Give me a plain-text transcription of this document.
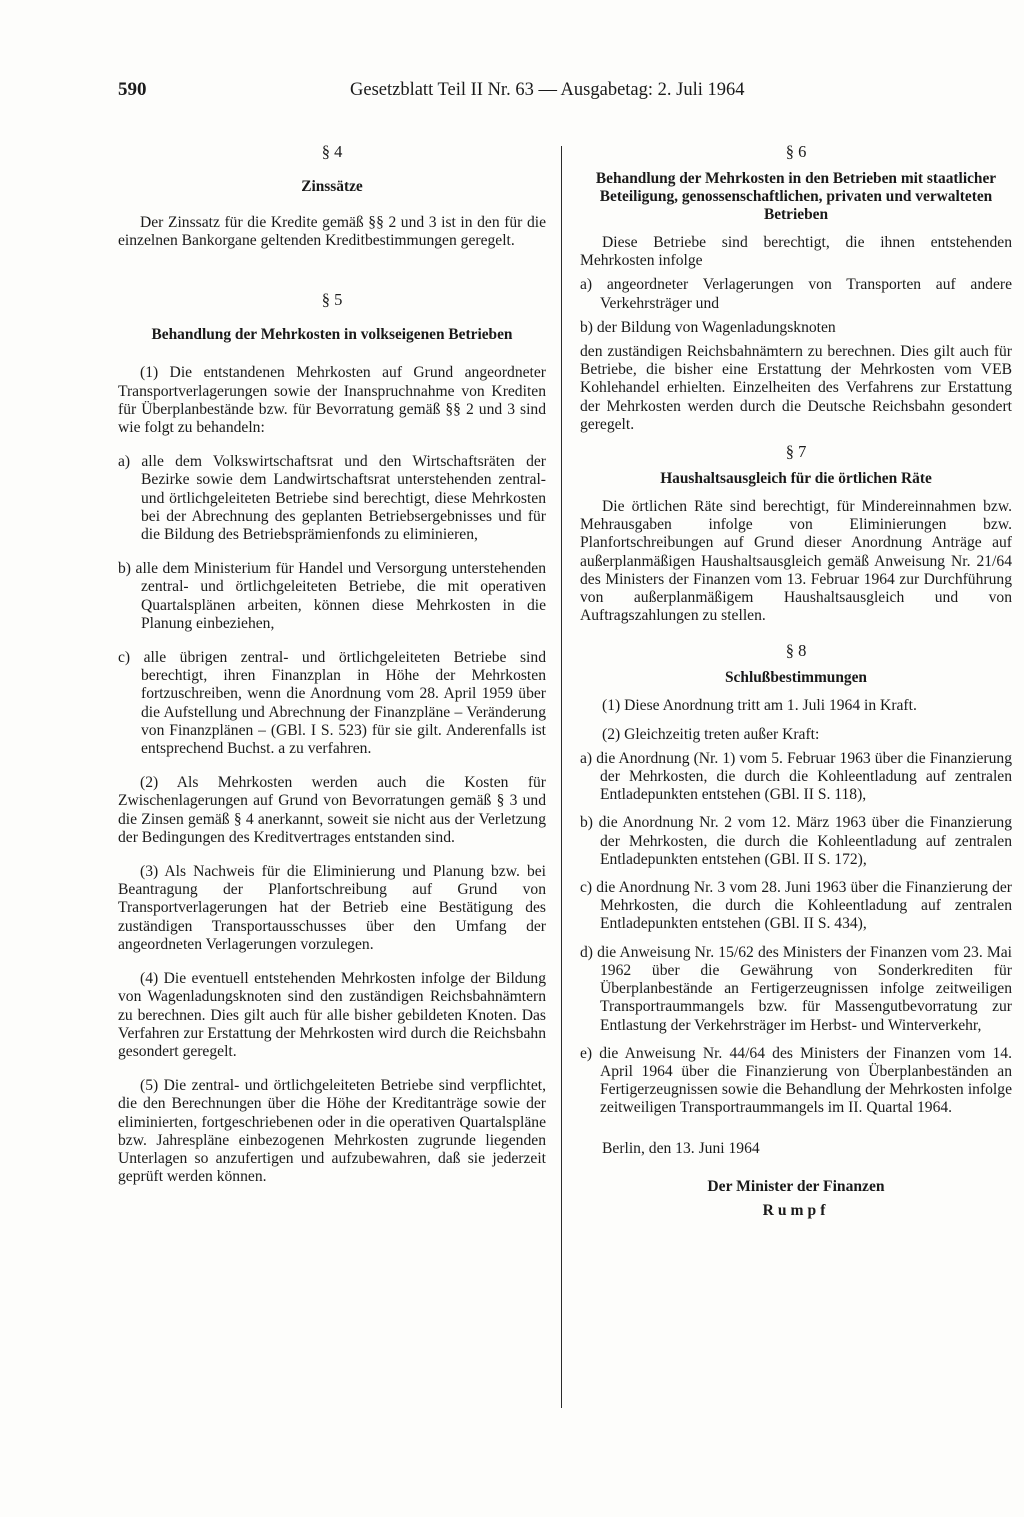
590	Gesetzblatt Teil II Nr. 63 — Ausgabetag: 2. Juli 1964

§ 4

Zinssätze

Der Zinssatz für die Kredite gemäß §§ 2 und 3 ist in den für die einzelnen Bankorgane geltenden Kreditbestimmungen geregelt.

§ 5

Behandlung der Mehrkosten in volkseigenen Betrieben

(1) Die entstandenen Mehrkosten auf Grund angeordneter Transportverlagerungen sowie der Inanspruchnahme von Krediten für Überplanbestände bzw. für Bevorratung gemäß §§ 2 und 3 sind wie folgt zu behandeln:

a) alle dem Volkswirtschaftsrat und den Wirtschaftsräten der Bezirke sowie dem Landwirtschaftsrat unterstehenden zentral- und örtlichgeleiteten Betriebe sind berechtigt, diese Mehrkosten bei der Abrechnung des geplanten Betriebsergebnisses und für die Bildung des Betriebsprämienfonds zu eliminieren,

b) alle dem Ministerium für Handel und Versorgung unterstehenden zentral- und örtlichgeleiteten Betriebe, die mit operativen Quartalsplänen arbeiten, können diese Mehrkosten in die Planung einbeziehen,

c) alle übrigen zentral- und örtlichgeleiteten Betriebe sind berechtigt, ihren Finanzplan in Höhe der Mehrkosten fortzuschreiben, wenn die Anordnung vom 28. April 1959 über die Aufstellung und Abrechnung der Finanzpläne – Veränderung von Finanzplänen – (GBl. I S. 523) für sie gilt. Anderenfalls ist entsprechend Buchst. a zu verfahren.

(2) Als Mehrkosten werden auch die Kosten für Zwischenlagerungen auf Grund von Bevorratungen gemäß § 3 und die Zinsen gemäß § 4 anerkannt, soweit sie nicht aus der Verletzung der Bedingungen des Kreditvertrages entstanden sind.

(3) Als Nachweis für die Eliminierung und Planung bzw. bei Beantragung der Planfortschreibung auf Grund von Transportverlagerungen hat der Betrieb eine Bestätigung des zuständigen Transportausschusses über den Umfang der angeordneten Verlagerungen vorzulegen.

(4) Die eventuell entstehenden Mehrkosten infolge der Bildung von Wagenladungsknoten sind den zuständigen Reichsbahnämtern zu berechnen. Dies gilt auch für alle bisher gebildeten Knoten. Das Verfahren zur Erstattung der Mehrkosten wird durch die Reichsbahn gesondert geregelt.

(5) Die zentral- und örtlichgeleiteten Betriebe sind verpflichtet, die den Berechnungen über die Höhe der Kreditanträge sowie der eliminierten, fortgeschriebenen oder in die operativen Quartalspläne bzw. Jahrespläne einbezogenen Mehrkosten zugrunde liegenden Unterlagen so anzufertigen und aufzubewahren, daß sie jederzeit geprüft werden können.

§ 6

Behandlung der Mehrkosten in den Betrieben mit staatlicher Beteiligung, genossenschaftlichen, privaten und verwalteten Betrieben

Diese Betriebe sind berechtigt, die ihnen entstehenden Mehrkosten infolge

a) angeordneter Verlagerungen von Transporten auf andere Verkehrsträger und

b) der Bildung von Wagenladungsknoten

den zuständigen Reichsbahnämtern zu berechnen. Dies gilt auch für Betriebe, die bisher eine Erstattung der Mehrkosten vom VEB Kohlehandel erhielten. Einzelheiten des Verfahrens zur Erstattung der Mehrkosten werden durch die Deutsche Reichsbahn gesondert geregelt.

§ 7

Haushaltsausgleich für die örtlichen Räte

Die örtlichen Räte sind berechtigt, für Mindereinnahmen bzw. Mehrausgaben infolge von Eliminierungen bzw. Planfortschreibungen auf Grund dieser Anordnung Anträge auf außerplanmäßigen Haushaltsausgleich gemäß Anweisung Nr. 21/64 des Ministers der Finanzen vom 13. Februar 1964 zur Durchführung von außerplanmäßigem Haushaltsausgleich und von Auftragszahlungen zu stellen.

§ 8

Schlußbestimmungen

(1) Diese Anordnung tritt am 1. Juli 1964 in Kraft.

(2) Gleichzeitig treten außer Kraft:

a) die Anordnung (Nr. 1) vom 5. Februar 1963 über die Finanzierung der Mehrkosten, die durch die Kohleentladung auf zentralen Entladepunkten entstehen (GBl. II S. 118),

b) die Anordnung Nr. 2 vom 12. März 1963 über die Finanzierung der Mehrkosten, die durch die Kohleentladung auf zentralen Entladepunkten entstehen (GBl. II S. 172),

c) die Anordnung Nr. 3 vom 28. Juni 1963 über die Finanzierung der Mehrkosten, die durch die Kohleentladung auf zentralen Entladepunkten entstehen (GBl. II S. 434),

d) die Anweisung Nr. 15/62 des Ministers der Finanzen vom 23. Mai 1962 über die Gewährung von Sonderkrediten für Überplanbestände an Fertigerzeugnissen infolge zeitweiligen Transportraummangels bzw. für Massengutbevorratung zur Entlastung der Verkehrsträger im Herbst- und Winterverkehr,

e) die Anweisung Nr. 44/64 des Ministers der Finanzen vom 14. April 1964 über die Finanzierung von Überplanbeständen an Fertigerzeugnissen sowie die Behandlung der Mehrkosten infolge zeitweiligen Transportraummangels im II. Quartal 1964.

Berlin, den 13. Juni 1964

Der Minister der Finanzen

Rumpf
